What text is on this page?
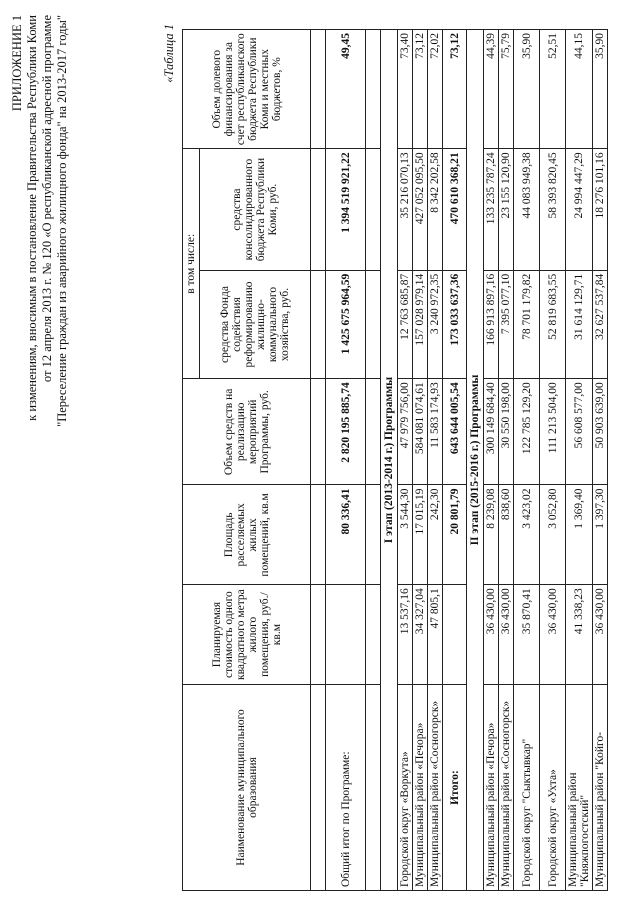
ПРИЛОЖЕНИЕ 1 к изменениям, вносимым в постановление Правительства Республики Коми от 12 апреля 2013 г. № 120 «О республиканской адресной программе "Переселение граждан из аварийного жилищного фонда" на 2013-2017 годы"	«Таблица 1
Наименование муниципального образования	Планируемая стоимость одного квадратного метра жилого помещения, руб./кв.м	Площадь расселяемых жилых помещений, кв.м	Объем средств на реализацию мероприятий Программы, руб.	в том числе:		Объем долевого финансирования за счет республиканского бюджета Республики Коми и местных бюджетов, %
				средства Фонда содействия реформированию жилищно-коммунального хозяйства, руб.	средства консолидированного бюджета Республики Коми, руб.	

Общий итог по Программе:		80 336,41	2 820 195 885,74	1 425 675 964,59	1 394 519 921,22	49,45

I этап (2013-2014 г.) Программы						
Городской округ «Воркута»	13 537,16	3 544,30	47 979 756,00	12 763 685,87	35 216 070,13	73,40
Муниципальный район «Печора»	34 327,04	17 015,19	584 081 074,61	157 028 979,14	427 052 095,50	73,12
Муниципальный район «Сосногорск»	47 805,1	242,30	11 583 174,93	3 240 972,35	8 342 202,58	72,02
Итого:		20 801,79	643 644 005,54	173 033 637,36	470 610 368,21	73,12
II этап (2015-2016 г.) Программы						
Муниципальный район «Печора»	36 430,00	8 239,08	300 149 684,40	166 913 897,16	133 235 787,24	44,39
Муниципальный район «Сосногорск»	36 430,00	838,60	30 550 198,00	7 395 077,10	23 155 120,90	75,79
Городской округ "Сыктывкар"	35 870,41	3 423,02	122 785 129,20	78 701 179,82	44 083 949,38	35,90
Городской округ «Ухта»	36 430,00	3 052,80	111 213 504,00	52 819 683,55	58 393 820,45	52,51
Муниципальный район "Княжпогостский"	41 338,23	1 369,40	56 608 577,00	31 614 129,71	24 994 447,29	44,15
Муниципальный район "Койго-	36 430,00	1 397,30	50 903 639,00	32 627 537,84	18 276 101,16	35,90
